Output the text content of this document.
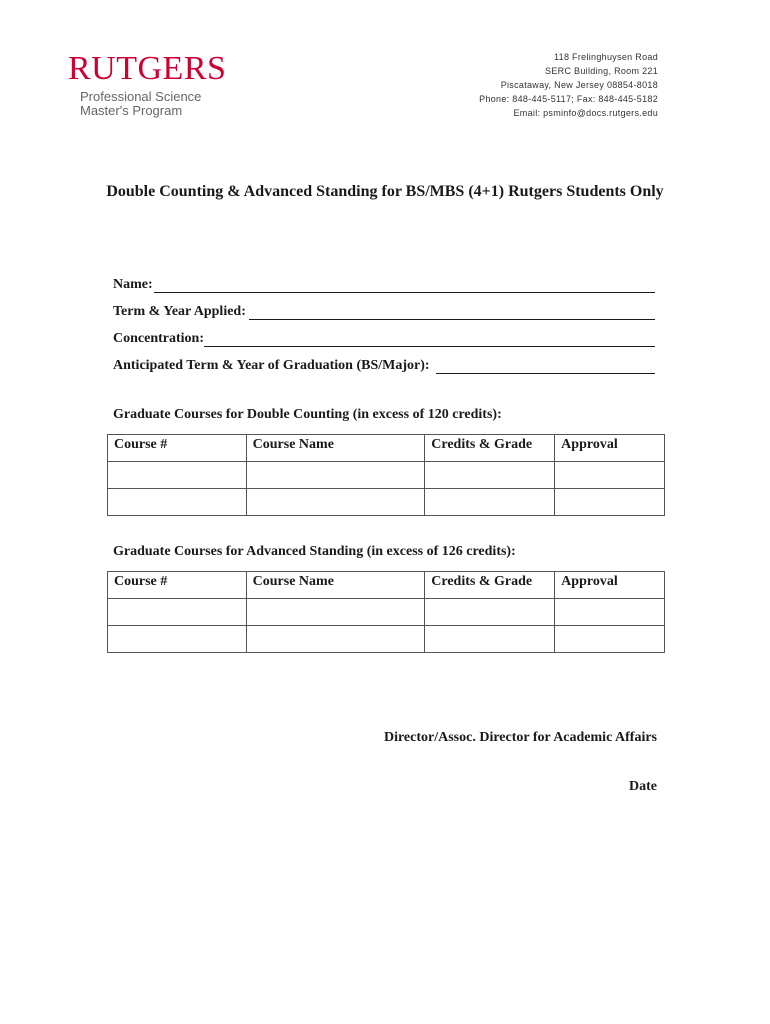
RUTGERS
Professional Science
Master's Program
118 Frelinghuysen Road
SERC Building, Room 221
Piscataway, New Jersey 08854-8018
Phone: 848-445-5117; Fax: 848-445-5182
Email: psminfo@docs.rutgers.edu
Double Counting & Advanced Standing for BS/MBS (4+1) Rutgers Students Only
Name:
Term & Year Applied:
Concentration:
Anticipated Term & Year of Graduation (BS/Major):
Graduate Courses for Double Counting (in excess of 120 credits):
Course #	Course Name	Credits & Grade	Approval

Graduate Courses for Advanced Standing (in excess of 126 credits):
Course #	Course Name	Credits & Grade	Approval

Director/Assoc. Director for Academic Affairs
Date
